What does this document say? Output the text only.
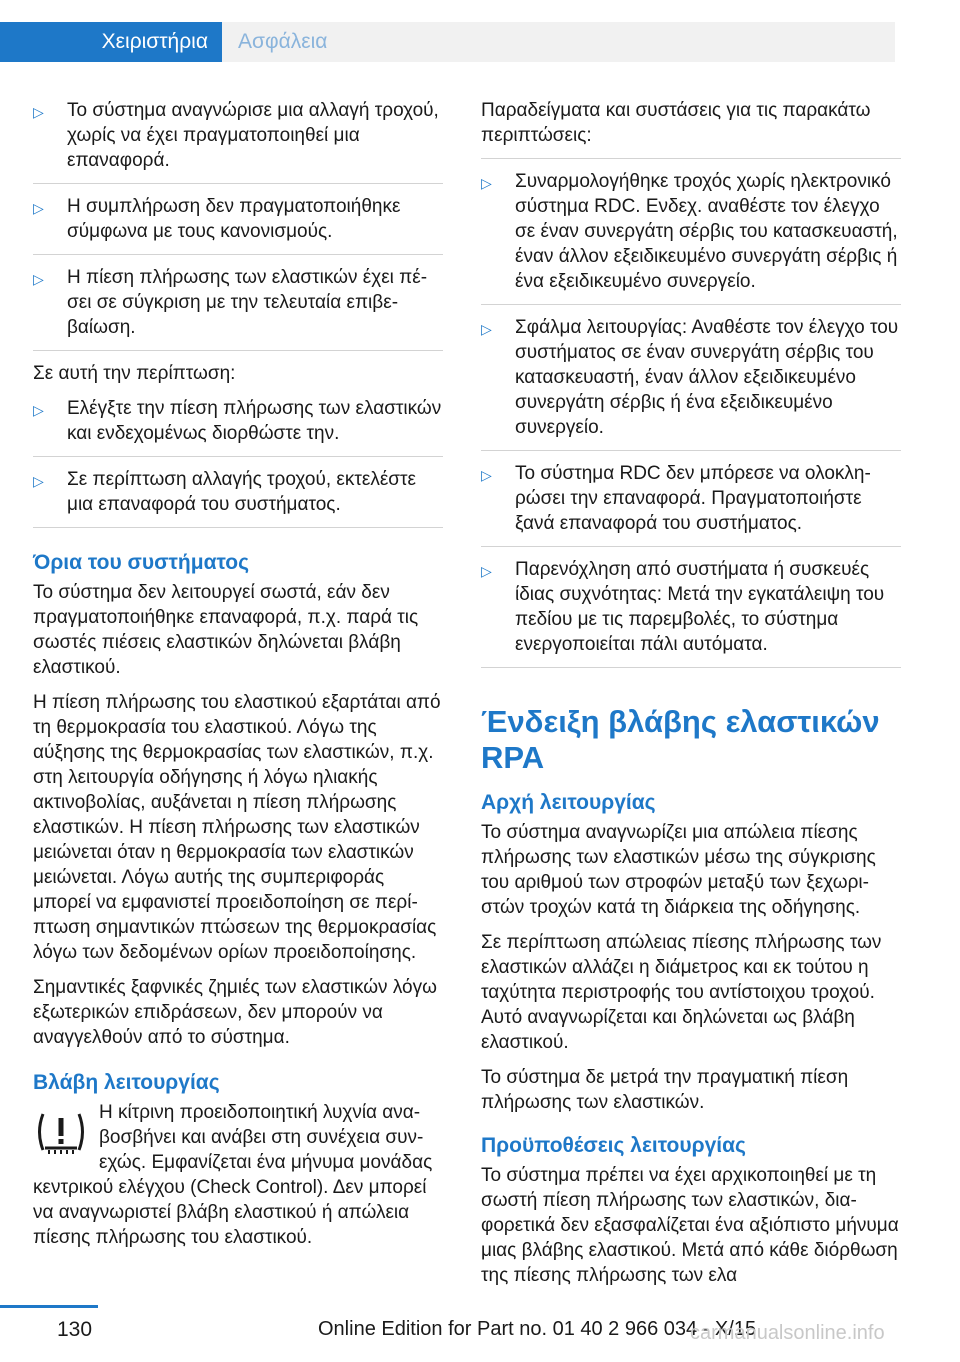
Χειριστήρια	Ασφάλεια
▷ Το σύστημα αναγνώρισε μια αλλαγή τροχού, χωρίς να έχει πραγματοποιηθεί μια επαναφορά.
▷ Η συμπλήρωση δεν πραγματοποιήθηκε σύμφωνα με τους κανονισμούς.
▷ Η πίεση πλήρωσης των ελαστικών έχει πέσει σε σύγκριση με την τελευταία επιβεβαίωση.

Σε αυτή την περίπτωση:

▷ Ελέγξτε την πίεση πλήρωσης των ελαστικών και ενδεχομένως διορθώστε την.
▷ Σε περίπτωση αλλαγής τροχού, εκτελέστε μια επαναφορά του συστήματος.
Όρια του συστήματος

Το σύστημα δεν λειτουργεί σωστά, εάν δεν πραγματοποιήθηκε επαναφορά, π.χ. παρά τις σωστές πιέσεις ελαστικών δηλώνεται βλάβη ελαστικού.

Η πίεση πλήρωσης του ελαστικού εξαρτάται από τη θερμοκρασία του ελαστικού. Λόγω της αύξησης της θερμοκρασίας των ελαστικών, π.χ. στη λειτουργία οδήγησης ή λόγω ηλιακής ακτινοβολίας, αυξάνεται η πίεση πλήρωσης ελαστικών. Η πίεση πλήρωσης των ελαστικών μειώνεται όταν η θερμοκρασία των ελαστικών μειώνεται. Λόγω αυτής της συμπεριφοράς μπορεί να εμφανιστεί προειδοποίηση σε περίπτωση σημαντικών πτώσεων της θερμοκρασίας λόγω των δεδομένων ορίων προειδοποίησης.

Σημαντικές ξαφνικές ζημιές των ελαστικών λόγω εξωτερικών επιδράσεων, δεν μπορούν να αναγγελθούν από το σύστημα.

Βλάβη λειτουργίας

Η κίτρινη προειδοποιητική λυχνία αναβοσβήνει και ανάβει στη συνέχεια συνεχώς. Εμφανίζεται ένα μήνυμα μονάδας κεντρικού ελέγχου (Check Control). Δεν μπορεί να αναγνωριστεί βλάβη ελαστικού ή απώλεια πίεσης πλήρωσης του ελαστικού.

Παραδείγματα και συστάσεις για τις παρακάτω περιπτώσεις:

▷ Συναρμολογήθηκε τροχός χωρίς ηλεκτρονικό σύστημα RDC. Ενδεχ. αναθέστε τον έλεγχο σε έναν συνεργάτη σέρβις του κατασκευαστή, έναν άλλον εξειδικευμένο συνεργάτη σέρβις ή ένα εξειδικευμένο συνεργείο.
▷ Σφάλμα λειτουργίας: Αναθέστε τον έλεγχο του συστήματος σε έναν συνεργάτη σέρβις του κατασκευαστή, έναν άλλον εξειδικευμένο συνεργάτη σέρβις ή ένα εξειδικευμένο συνεργείο.
▷ Το σύστημα RDC δεν μπόρεσε να ολοκληρώσει την επαναφορά. Πραγματοποιήστε ξανά επαναφορά του συστήματος.
▷ Παρενόχληση από συστήματα ή συσκευές ίδιας συχνότητας: Μετά την εγκατάλειψη του πεδίου με τις παρεμβολές, το σύστημα ενεργοποιείται πάλι αυτόματα.
Ένδειξη βλάβης ελαστικών RPA
Αρχή λειτουργίας

Το σύστημα αναγνωρίζει μια απώλεια πίεσης πλήρωσης των ελαστικών μέσω της σύγκρισης του αριθμού των στροφών μεταξύ των ξεχωριστών τροχών κατά τη διάρκεια της οδήγησης.

Σε περίπτωση απώλειας πίεσης πλήρωσης των ελαστικών αλλάζει η διάμετρος και εκ τούτου η ταχύτητα περιστροφής του αντίστοιχου τροχού. Αυτό αναγνωρίζεται και δηλώνεται ως βλάβη ελαστικού.

Το σύστημα δε μετρά την πραγματική πίεση πλήρωσης των ελαστικών.

Προϋποθέσεις λειτουργίας

Το σύστημα πρέπει να έχει αρχικοποιηθεί με τη σωστή πίεση πλήρωσης των ελαστικών, διαφορετικά δεν εξασφαλίζεται ένα αξιόπιστο μήνυμα μιας βλάβης ελαστικού. Μετά από κάθε διόρθωση της πίεσης πλήρωσης των ελα

130	Online Edition for Part no. 01 40 2 966 034 - X/15
carmanualsonline.info
